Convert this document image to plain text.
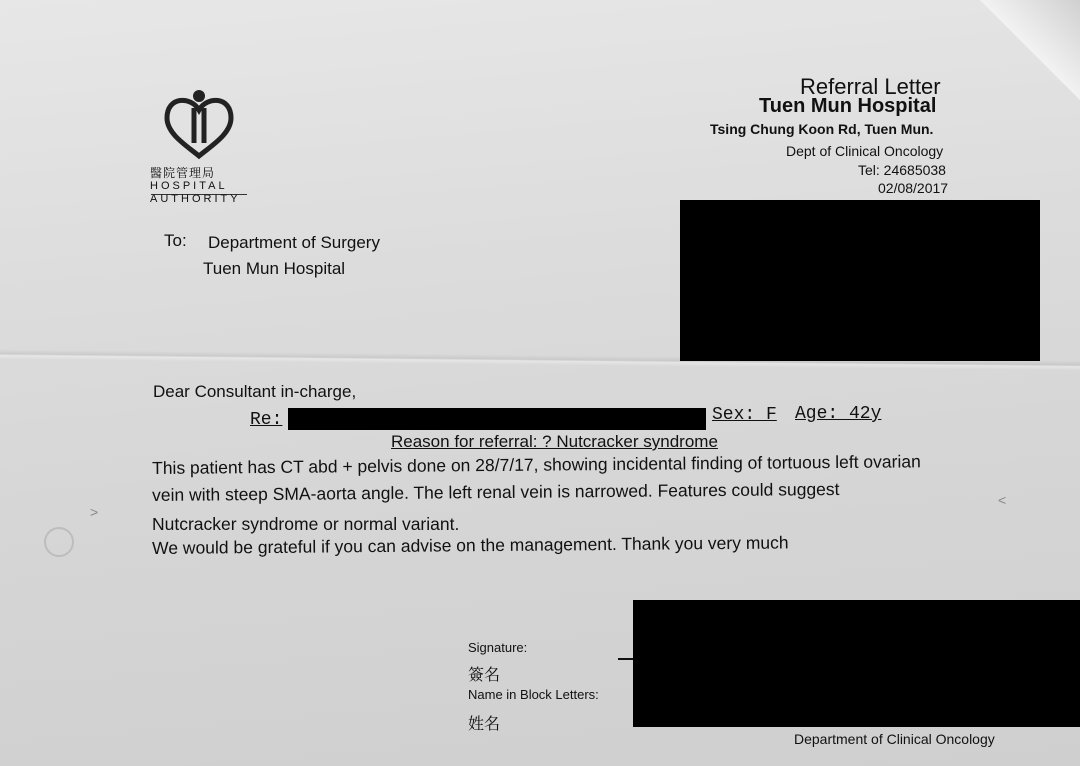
醫院管理局
HOSPITAL
AUTHORITY
Referral Letter
Tuen Mun Hospital
Tsing Chung Koon Rd, Tuen Mun.
Dept of Clinical Oncology
Tel: 24685038
02/08/2017
To: Department of Surgery
Tuen Mun Hospital
Dear Consultant in-charge,
Re:	Sex: F Age: 42y
Reason for referral: ? Nutcracker syndrome
This patient has CT abd + pelvis done on 28/7/17, showing incidental finding of tortuous left ovarian
vein with steep SMA-aorta angle. The left renal vein is narrowed. Features could suggest
Nutcracker syndrome or normal variant.
We would be grateful if you can advise on the management. Thank you very much
>
<
Signature:
簽名
Name in Block Letters:
姓名
Department of Clinical Oncology
